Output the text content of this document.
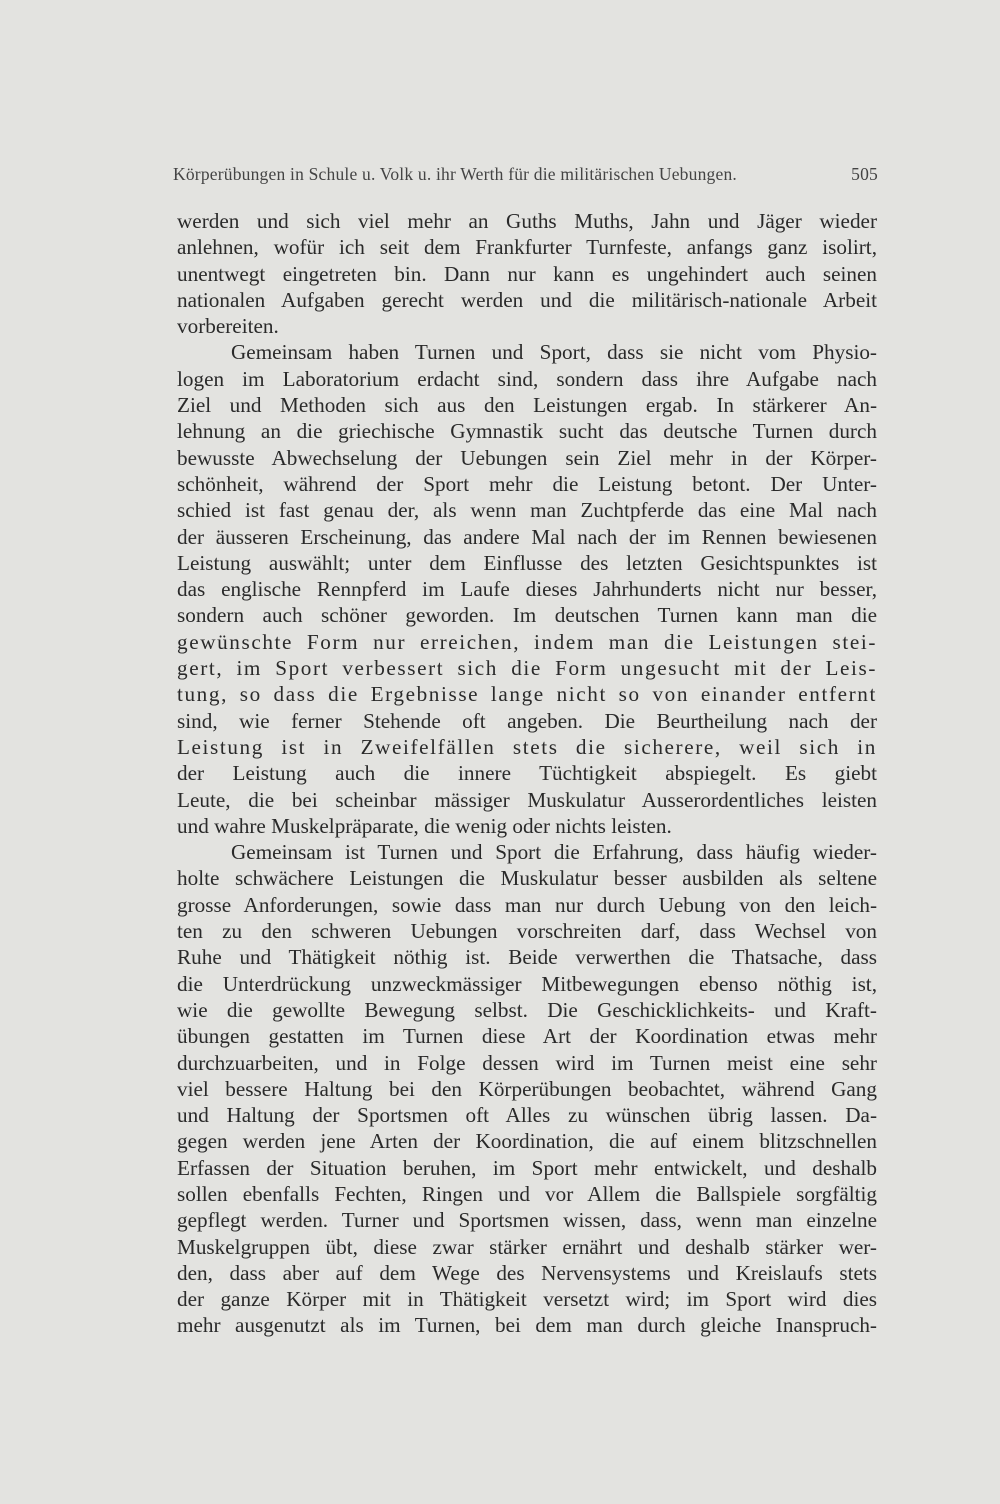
Körperübungen in Schule u. Volk u. ihr Werth für die militärischen Uebungen.	505
werden und sich viel mehr an Guths Muths, Jahn und Jäger wieder
anlehnen, wofür ich seit dem Frankfurter Turnfeste, anfangs ganz isolirt,
unentwegt eingetreten bin. Dann nur kann es ungehindert auch seinen
nationalen Aufgaben gerecht werden und die militärisch-nationale Arbeit
vorbereiten.
Gemeinsam haben Turnen und Sport, dass sie nicht vom Physio-
logen im Laboratorium erdacht sind, sondern dass ihre Aufgabe nach
Ziel und Methoden sich aus den Leistungen ergab. In stärkerer An-
lehnung an die griechische Gymnastik sucht das deutsche Turnen durch
bewusste Abwechselung der Uebungen sein Ziel mehr in der Körper-
schönheit, während der Sport mehr die Leistung betont. Der Unter-
schied ist fast genau der, als wenn man Zuchtpferde das eine Mal nach
der äusseren Erscheinung, das andere Mal nach der im Rennen bewiesenen
Leistung auswählt; unter dem Einflusse des letzten Gesichtspunktes ist
das englische Rennpferd im Laufe dieses Jahrhunderts nicht nur besser,
sondern auch schöner geworden. Im deutschen Turnen kann man die
gewünschte Form nur erreichen, indem man die Leistungen stei-
gert, im Sport verbessert sich die Form ungesucht mit der Leis-
tung, so dass die Ergebnisse lange nicht so von einander entfernt
sind, wie ferner Stehende oft angeben. Die Beurtheilung nach der
Leistung ist in Zweifelfällen stets die sicherere, weil sich in
der Leistung auch die innere Tüchtigkeit abspiegelt. Es giebt
Leute, die bei scheinbar mässiger Muskulatur Ausserordentliches leisten
und wahre Muskelpräparate, die wenig oder nichts leisten.
Gemeinsam ist Turnen und Sport die Erfahrung, dass häufig wieder-
holte schwächere Leistungen die Muskulatur besser ausbilden als seltene
grosse Anforderungen, sowie dass man nur durch Uebung von den leich-
ten zu den schweren Uebungen vorschreiten darf, dass Wechsel von
Ruhe und Thätigkeit nöthig ist. Beide verwerthen die Thatsache, dass
die Unterdrückung unzweckmässiger Mitbewegungen ebenso nöthig ist,
wie die gewollte Bewegung selbst. Die Geschicklichkeits- und Kraft-
übungen gestatten im Turnen diese Art der Koordination etwas mehr
durchzuarbeiten, und in Folge dessen wird im Turnen meist eine sehr
viel bessere Haltung bei den Körperübungen beobachtet, während Gang
und Haltung der Sportsmen oft Alles zu wünschen übrig lassen. Da-
gegen werden jene Arten der Koordination, die auf einem blitzschnellen
Erfassen der Situation beruhen, im Sport mehr entwickelt, und deshalb
sollen ebenfalls Fechten, Ringen und vor Allem die Ballspiele sorgfältig
gepflegt werden. Turner und Sportsmen wissen, dass, wenn man einzelne
Muskelgruppen übt, diese zwar stärker ernährt und deshalb stärker wer-
den, dass aber auf dem Wege des Nervensystems und Kreislaufs stets
der ganze Körper mit in Thätigkeit versetzt wird; im Sport wird dies
mehr ausgenutzt als im Turnen, bei dem man durch gleiche Inanspruch-
